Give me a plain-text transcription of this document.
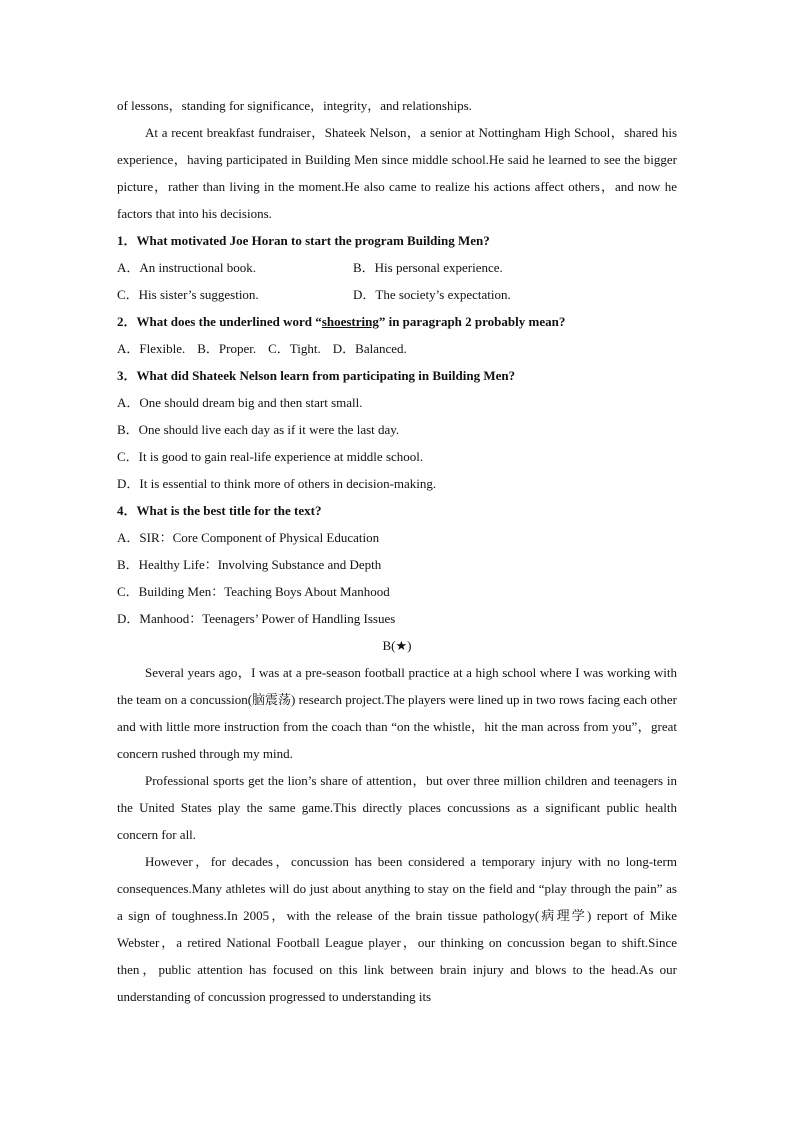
of lessons，standing for significance，integrity，and relationships.

At a recent breakfast fundraiser，Shateek Nelson，a senior at Nottingham High School，shared his experience，having participated in Building Men since middle school.He said he learned to see the bigger picture，rather than living in the moment.He also came to realize his actions affect others，and now he factors that into his decisions.

1．What motivated Joe Horan to start the program Building Men?

A．An instructional book.	B．His personal experience.
C．His sister’s suggestion.	D．The society’s expectation.

2．What does the underlined word “shoestring” in paragraph 2 probably mean?

A．Flexible. B．Proper. C．Tight. D．Balanced.

3．What did Shateek Nelson learn from participating in Building Men?

A．One should dream big and then start small.

B．One should live each day as if it were the last day.

C．It is good to gain real-life experience at middle school.

D．It is essential to think more of others in decision-making.

4．What is the best title for the text?

A．SIR：Core Component of Physical Education

B．Healthy Life：Involving Substance and Depth

C．Building Men：Teaching Boys About Manhood

D．Manhood：Teenagers’ Power of Handling Issues

B(★)

Several years ago，I was at a pre-season football practice at a high school where I was working with the team on a concussion(脑震荡) research project.The players were lined up in two rows facing each other and with little more instruction from the coach than “on the whistle，hit the man across from you”，great concern rushed through my mind.

Professional sports get the lion’s share of attention，but over three million children and teenagers in the United States play the same game.This directly places concussions as a significant public health concern for all.

However，for decades，concussion has been considered a temporary injury with no long-term consequences.Many athletes will do just about anything to stay on the field and “play through the pain” as a sign of toughness.In 2005，with the release of the brain tissue pathology(病理学) report of Mike Webster，a retired National Football League player，our thinking on concussion began to shift.Since then，public attention has focused on this link between brain injury and blows to the head.As our understanding of concussion progressed to understanding its
